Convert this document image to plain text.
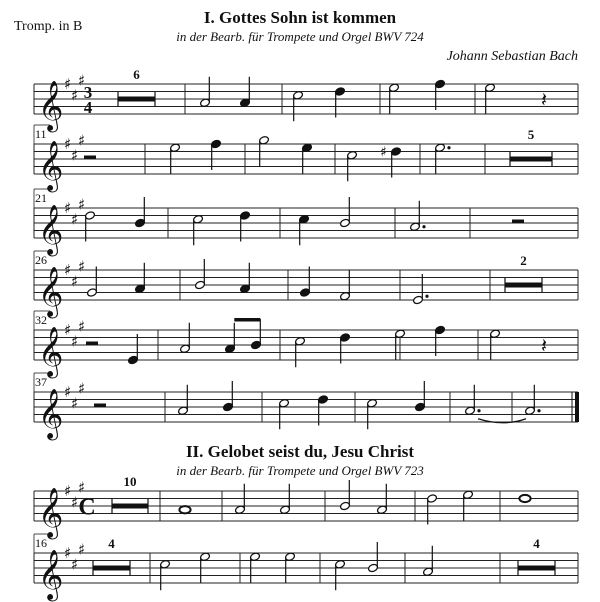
Tromp. in B	I. Gottes Sohn ist kommen
in der Bearb. für Trompete und Orgel BWV 724
Johann Sebastian Bach
II. Gelobet seist du, Jesu Christ
in der Bearb. für Trompete und Orgel BWV 723
𝄞 ♯
♯
♯
3
4
6
𝄽
𝄞 ♯
♯
♯
11
♯
5
𝄞 ♯
♯
♯
21
𝄞 ♯
♯
♯
26	2
𝄞 ♯
♯
♯
32
𝄽
𝄞 ♯
♯
♯
37
𝄞 ♯
♯
♯
C
10
𝄞 ♯
♯
♯
16	4	4
